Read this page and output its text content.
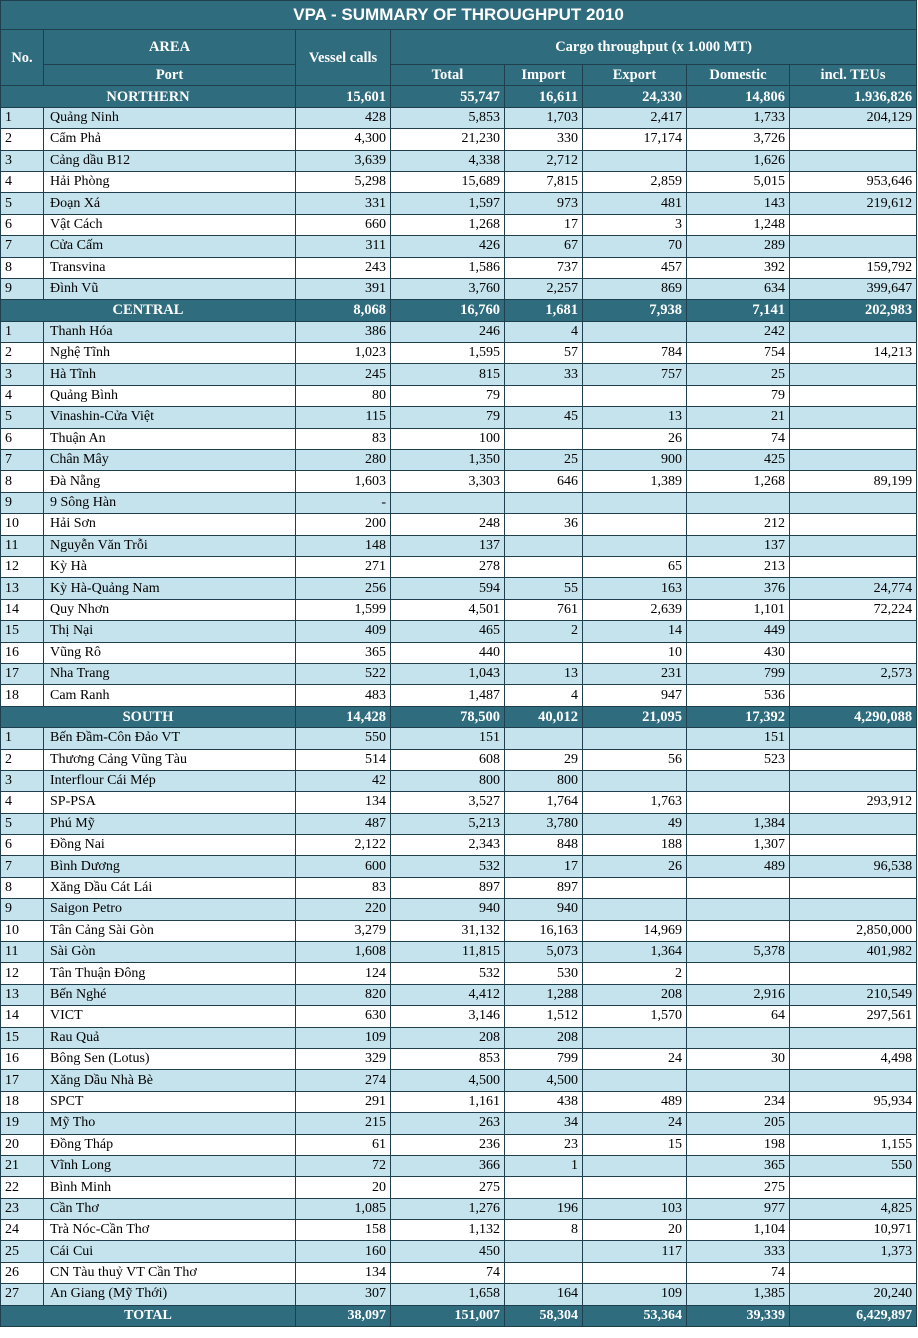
VPA - SUMMARY OF THROUGHPUT 2010							
No.	AREA	Vessel calls	Cargo throughput (x 1.000 MT)				
	Port		Total	Import	Export	Domestic	incl. TEUs
NORTHERN		15,601	55,747	16,611	24,330	14,806	1.936,826
1	Quảng Ninh	428	5,853	1,703	2,417	1,733	204,129
2	Cẩm Phả	4,300	21,230	330	17,174	3,726	
3	Cảng dầu B12	3,639	4,338	2,712		1,626	
4	Hải Phòng	5,298	15,689	7,815	2,859	5,015	953,646
5	Đoạn Xá	331	1,597	973	481	143	219,612
6	Vật Cách	660	1,268	17	3	1,248	
7	Cửa Cấm	311	426	67	70	289	
8	Transvina	243	1,586	737	457	392	159,792
9	Đình Vũ	391	3,760	2,257	869	634	399,647
CENTRAL		8,068	16,760	1,681	7,938	7,141	202,983
1	Thanh Hóa	386	246	4		242	
2	Nghệ Tĩnh	1,023	1,595	57	784	754	14,213
3	Hà Tĩnh	245	815	33	757	25	
4	Quảng Bình	80	79			79	
5	Vinashin-Cửa Việt	115	79	45	13	21	
6	Thuận An	83	100		26	74	
7	Chân Mây	280	1,350	25	900	425	
8	Đà Nẵng	1,603	3,303	646	1,389	1,268	89,199
9	9 Sông Hàn	-					
10	Hải Sơn	200	248	36		212	
11	Nguyễn Văn Trỗi	148	137			137	
12	Kỳ Hà	271	278		65	213	
13	Kỳ Hà-Quảng Nam	256	594	55	163	376	24,774
14	Quy Nhơn	1,599	4,501	761	2,639	1,101	72,224
15	Thị Nại	409	465	2	14	449	
16	Vũng Rô	365	440		10	430	
17	Nha Trang	522	1,043	13	231	799	2,573
18	Cam Ranh	483	1,487	4	947	536	
SOUTH		14,428	78,500	40,012	21,095	17,392	4,290,088
1	Bến Đầm-Côn Đảo VT	550	151			151	
2	Thương Cảng Vũng Tàu	514	608	29	56	523	
3	Interflour Cái Mép	42	800	800			
4	SP-PSA	134	3,527	1,764	1,763		293,912
5	Phú Mỹ	487	5,213	3,780	49	1,384	
6	Đồng Nai	2,122	2,343	848	188	1,307	
7	Bình Dương	600	532	17	26	489	96,538
8	Xăng Dầu Cát Lái	83	897	897			
9	Saigon Petro	220	940	940			
10	Tân Cảng Sài Gòn	3,279	31,132	16,163	14,969		2,850,000
11	Sài Gòn	1,608	11,815	5,073	1,364	5,378	401,982
12	Tân Thuận Đông	124	532	530	2		
13	Bến Nghé	820	4,412	1,288	208	2,916	210,549
14	VICT	630	3,146	1,512	1,570	64	297,561
15	Rau Quả	109	208	208			
16	Bông Sen (Lotus)	329	853	799	24	30	4,498
17	Xăng Dầu Nhà Bè	274	4,500	4,500			
18	SPCT	291	1,161	438	489	234	95,934
19	Mỹ Tho	215	263	34	24	205	
20	Đồng Tháp	61	236	23	15	198	1,155
21	Vĩnh Long	72	366	1		365	550
22	Bình Minh	20	275			275	
23	Cần Thơ	1,085	1,276	196	103	977	4,825
24	Trà Nóc-Cần Thơ	158	1,132	8	20	1,104	10,971
25	Cái Cui	160	450		117	333	1,373
26	CN Tàu thuỷ VT Cần Thơ	134	74			74	
27	An Giang (Mỹ Thới)	307	1,658	164	109	1,385	20,240
TOTAL		38,097	151,007	58,304	53,364	39,339	6,429,897
